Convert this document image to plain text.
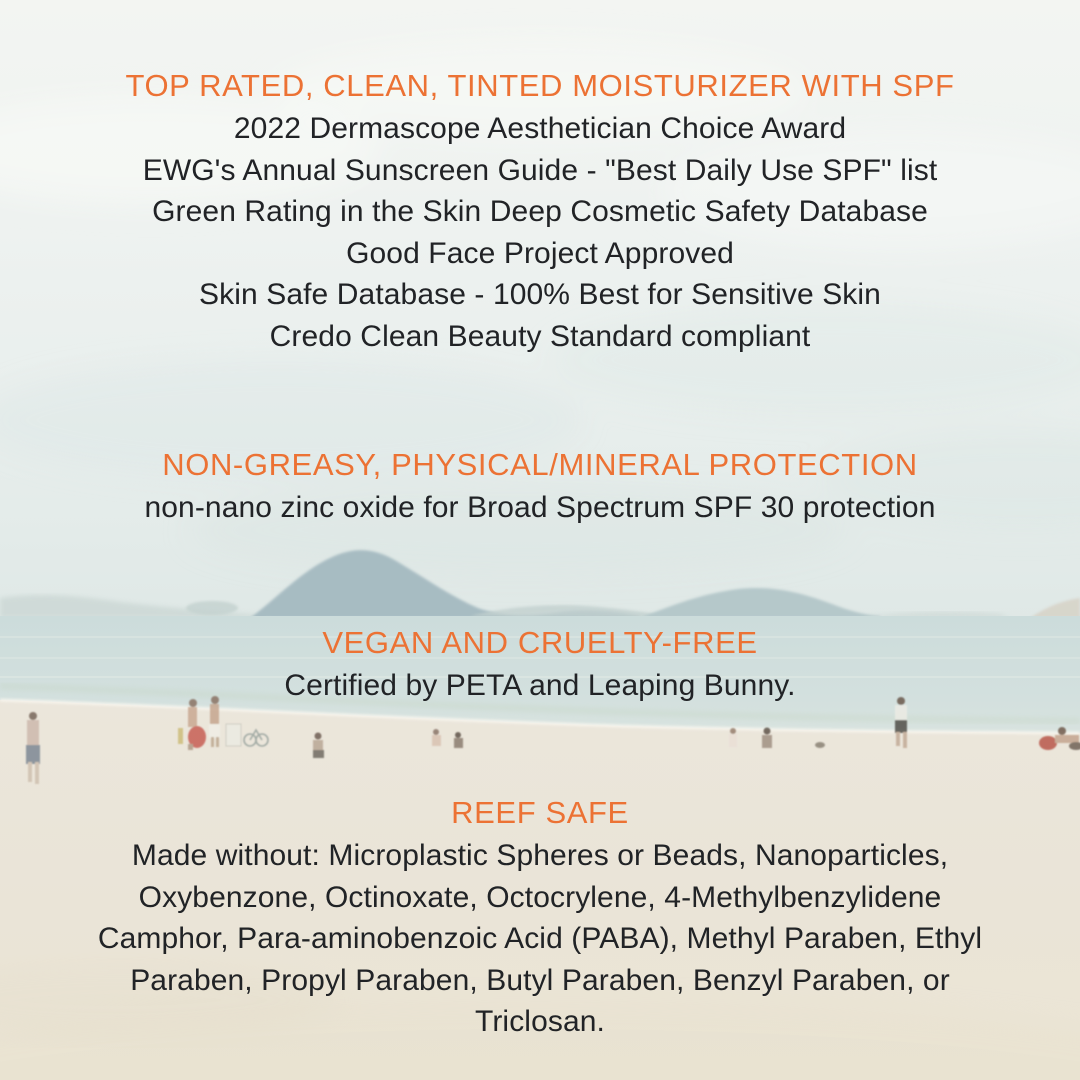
TOP RATED, CLEAN, TINTED MOISTURIZER WITH SPF
2022 Dermascope Aesthetician Choice Award
EWG's Annual Sunscreen Guide - "Best Daily Use SPF" list
Green Rating in the Skin Deep Cosmetic Safety Database
Good Face Project Approved
Skin Safe Database - 100% Best for Sensitive Skin
Credo Clean Beauty Standard compliant
NON-GREASY, PHYSICAL/MINERAL PROTECTION
non-nano zinc oxide for Broad Spectrum SPF 30 protection
VEGAN AND CRUELTY-FREE
Certified by PETA and Leaping Bunny.
REEF SAFE
Made without: Microplastic Spheres or Beads, Nanoparticles,
Oxybenzone, Octinoxate, Octocrylene, 4-Methylbenzylidene
Camphor, Para-aminobenzoic Acid (PABA), Methyl Paraben, Ethyl
Paraben, Propyl Paraben, Butyl Paraben, Benzyl Paraben, or
Triclosan.
